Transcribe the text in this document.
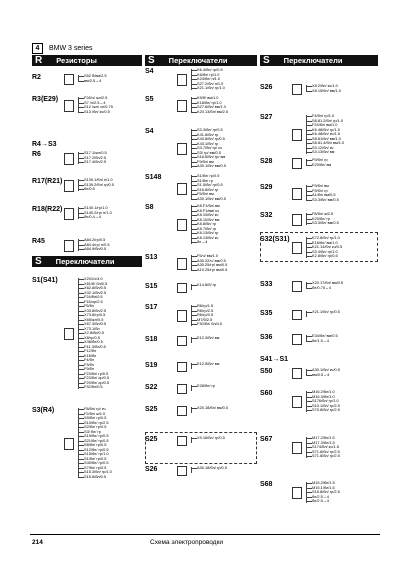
4	BMW 3 series
R Резисторы
R2	S52 б/вм/2.5
вм/2.5→4
R3(E29)	F28/ч/ жл/2.5
S7 /ч/2.5→4
S12 /жл/ сн/0.75
S13 /бл/ кч/0.5
R4→S3
R6	S17.1/жл/0.5
S17.2/бл/2.5
S17.4/бл/2.5
R17(R21)	S139.1/бл/ п/1.0
S139.2/бл/ гр/0.5
бл/0.5
R18(R22)	S140.1/гр/1.0
S140.2/гр/ п/1.0
бл/0.4→4
R45	A84.2/гр/0.5
A84.4/гр/ п/0.5
A84.9/бл/0.5
S Переключатели
S1(S41)	X201/ч/4.0
X61/б/ бл/0.5
X62.8/бл/0.5
X32.1/бл/2.5
F24/бл/0.5
F16/ор/2.5
F5/бл
X33.8/бл/2.5
X73.8/гр/0.5
X65/жл/0.5
X67.3/бл/0.5
X73.1/бл
X2.8/бл/0.5
X8/гр/0.5
X38/бл/0.5
F41.3/бл/0.5
F12/бл
K16/бл
F4/бл
F3/бл
F9/бл
F23/бл/ гр/0.5
F23/бл/ ор/0.5
F29/бл/ ор/0.5
F32/бл/0.5
S3(R4)	F8/бл/ гр/ кч
F2/бл/ ж/1.0
S9/бл/ гр/0.5
S10/бл/ гр/2.5
S2/бл/ гр/0.5
S3/ бл/ гр
S19/бл/ гр/0.5
S21/бл/ гр/0.5
S8/бл/ гр/0.5
S12/бл/ гр/0.5
S15/бл/ гр/1.0
S1/бл/ гр/0.5
S40/бл/ гр/0.5
S7/бл/ гр/0.5
S15.3/бл/ гр/1.0
S15.6/бл/0.5
S Переключатели
S4	K6.4/бл/ гр/0.5
K6/бл/ гр/1.0
K24/бл/ п/1.0
S27.2/бл/ п/1.0
X21.1/бл/ гр/1.0
S5	K9/б/ вм/1.0
K18/бл/ гр/1.0
S27.6/бл/ вм/1.0
K20.13/бл/ вм/2.5
S4	S3.3/бл/ гр/0.5
K41.8/бл/ гр
K43.8/бл/ гр/0.5
K43.1/бл/ гр
S3.7/бл/ гр/ кч
S3/ гр/ вм/0.5
S16.6/бл/ гр/ вм
F9/бл/ вм
A30.1/бл/ вм/0.5
S148	S1/бл/ гр/0.5
S1/бл/ гр
S1.5/бл/ гр/0.5
S16.8/бл/ гр
F5/бл/ вм
A30.1/бл/ вм/0.5
S8	K8.F1/бл/ вм
K8.F1/вм/ кч
K8.10/бл/ кч
K8.10/бл/ вм
K8.8/бл/ гр
K8.7/бл/ гр
K8.13/бл/ гр
K8.13/бл/ кч
бл→4
S13	F5/ч/ вм/1.0
A30.22/ч/ вм/0.5
A30.25/гр/ вм/0.5
A10.25/гр/ вм/0.5
S15	K14.8/б/ гр
S17	R6/гр/1.5
R6/гр/2.5
R6/гр/0.5
M7/б/2.5
F30/бл/ бл/4.0
S18	E12.3/бл/ вм
S19	E12.5/бл/ вм
S22	E28/бл/ гр
S25	X20.18/бл/ вм/0.5
S25	X9.16/бл/ гр/0.5
S26	A30.18/бл/ гр/0.5
S Переключатели
S26	X8.2/бл/ кч/1.0
X8.15/бл/ вм/1.0
S27	F4/бл/ гр/1.0
S8.81.2/бл/ гр/1.0
F24/бл/ вм/1.0
K6.48/бл/ гр/1.5
K6.48/бл/ кч/1.5
S8.81/бл/ вм/1.0
S8.81.4/бл/ вм/1.0
S3.12/бл/ кч
S3.13/бл/ вм
S28	F9/бл/ гр
E20/бл/ вм
S29	F9/бл/ вм
F9/бл/ гр
A1/бл/ вм/0.5
S3.3/бл/ вм/0.5
S32	F8/бл/ ж/2.5
K20/бл/ гр
S3.3/бл/ вм/0.5
S32(S31)	K72.8/бл/ гр/1.0
E16/бл/ вм/1.0
K21.14/бл/ кч/0.5
S3.4/бл/ гр/1.0
K2.8/бл/ гр/0.5
S33	X20.17/бл/ вм/0.5
бл/0.75→4
S35	X21.1/бл/ гр/0.5
S36	E34/бл/ вм/0.5
бл/1.5→4
S41→S1
S50	A30.1/бл/ кч/0.5
вм/0.5→4
S60	M16.2/бл/1.0
M16.3/бл/1.0
S176/бл/ гр/1.0
S10.1/бл/ гр/2.5
S70.8/бл/ гр/2.5
S67	M17.2/бл/1.5
M17.3/бл/1.5
S174/бл/ кч/1.5
S71.6/бл/ гр/2.5
S71.8/бл/ гр/2.5
S68	M15.2/бл/1.5
M15.1/бл/1.5
S15.8/бл/ гр/2.5
бл/2.5→4
бл/2.5→4
214	Схема электропроводки
